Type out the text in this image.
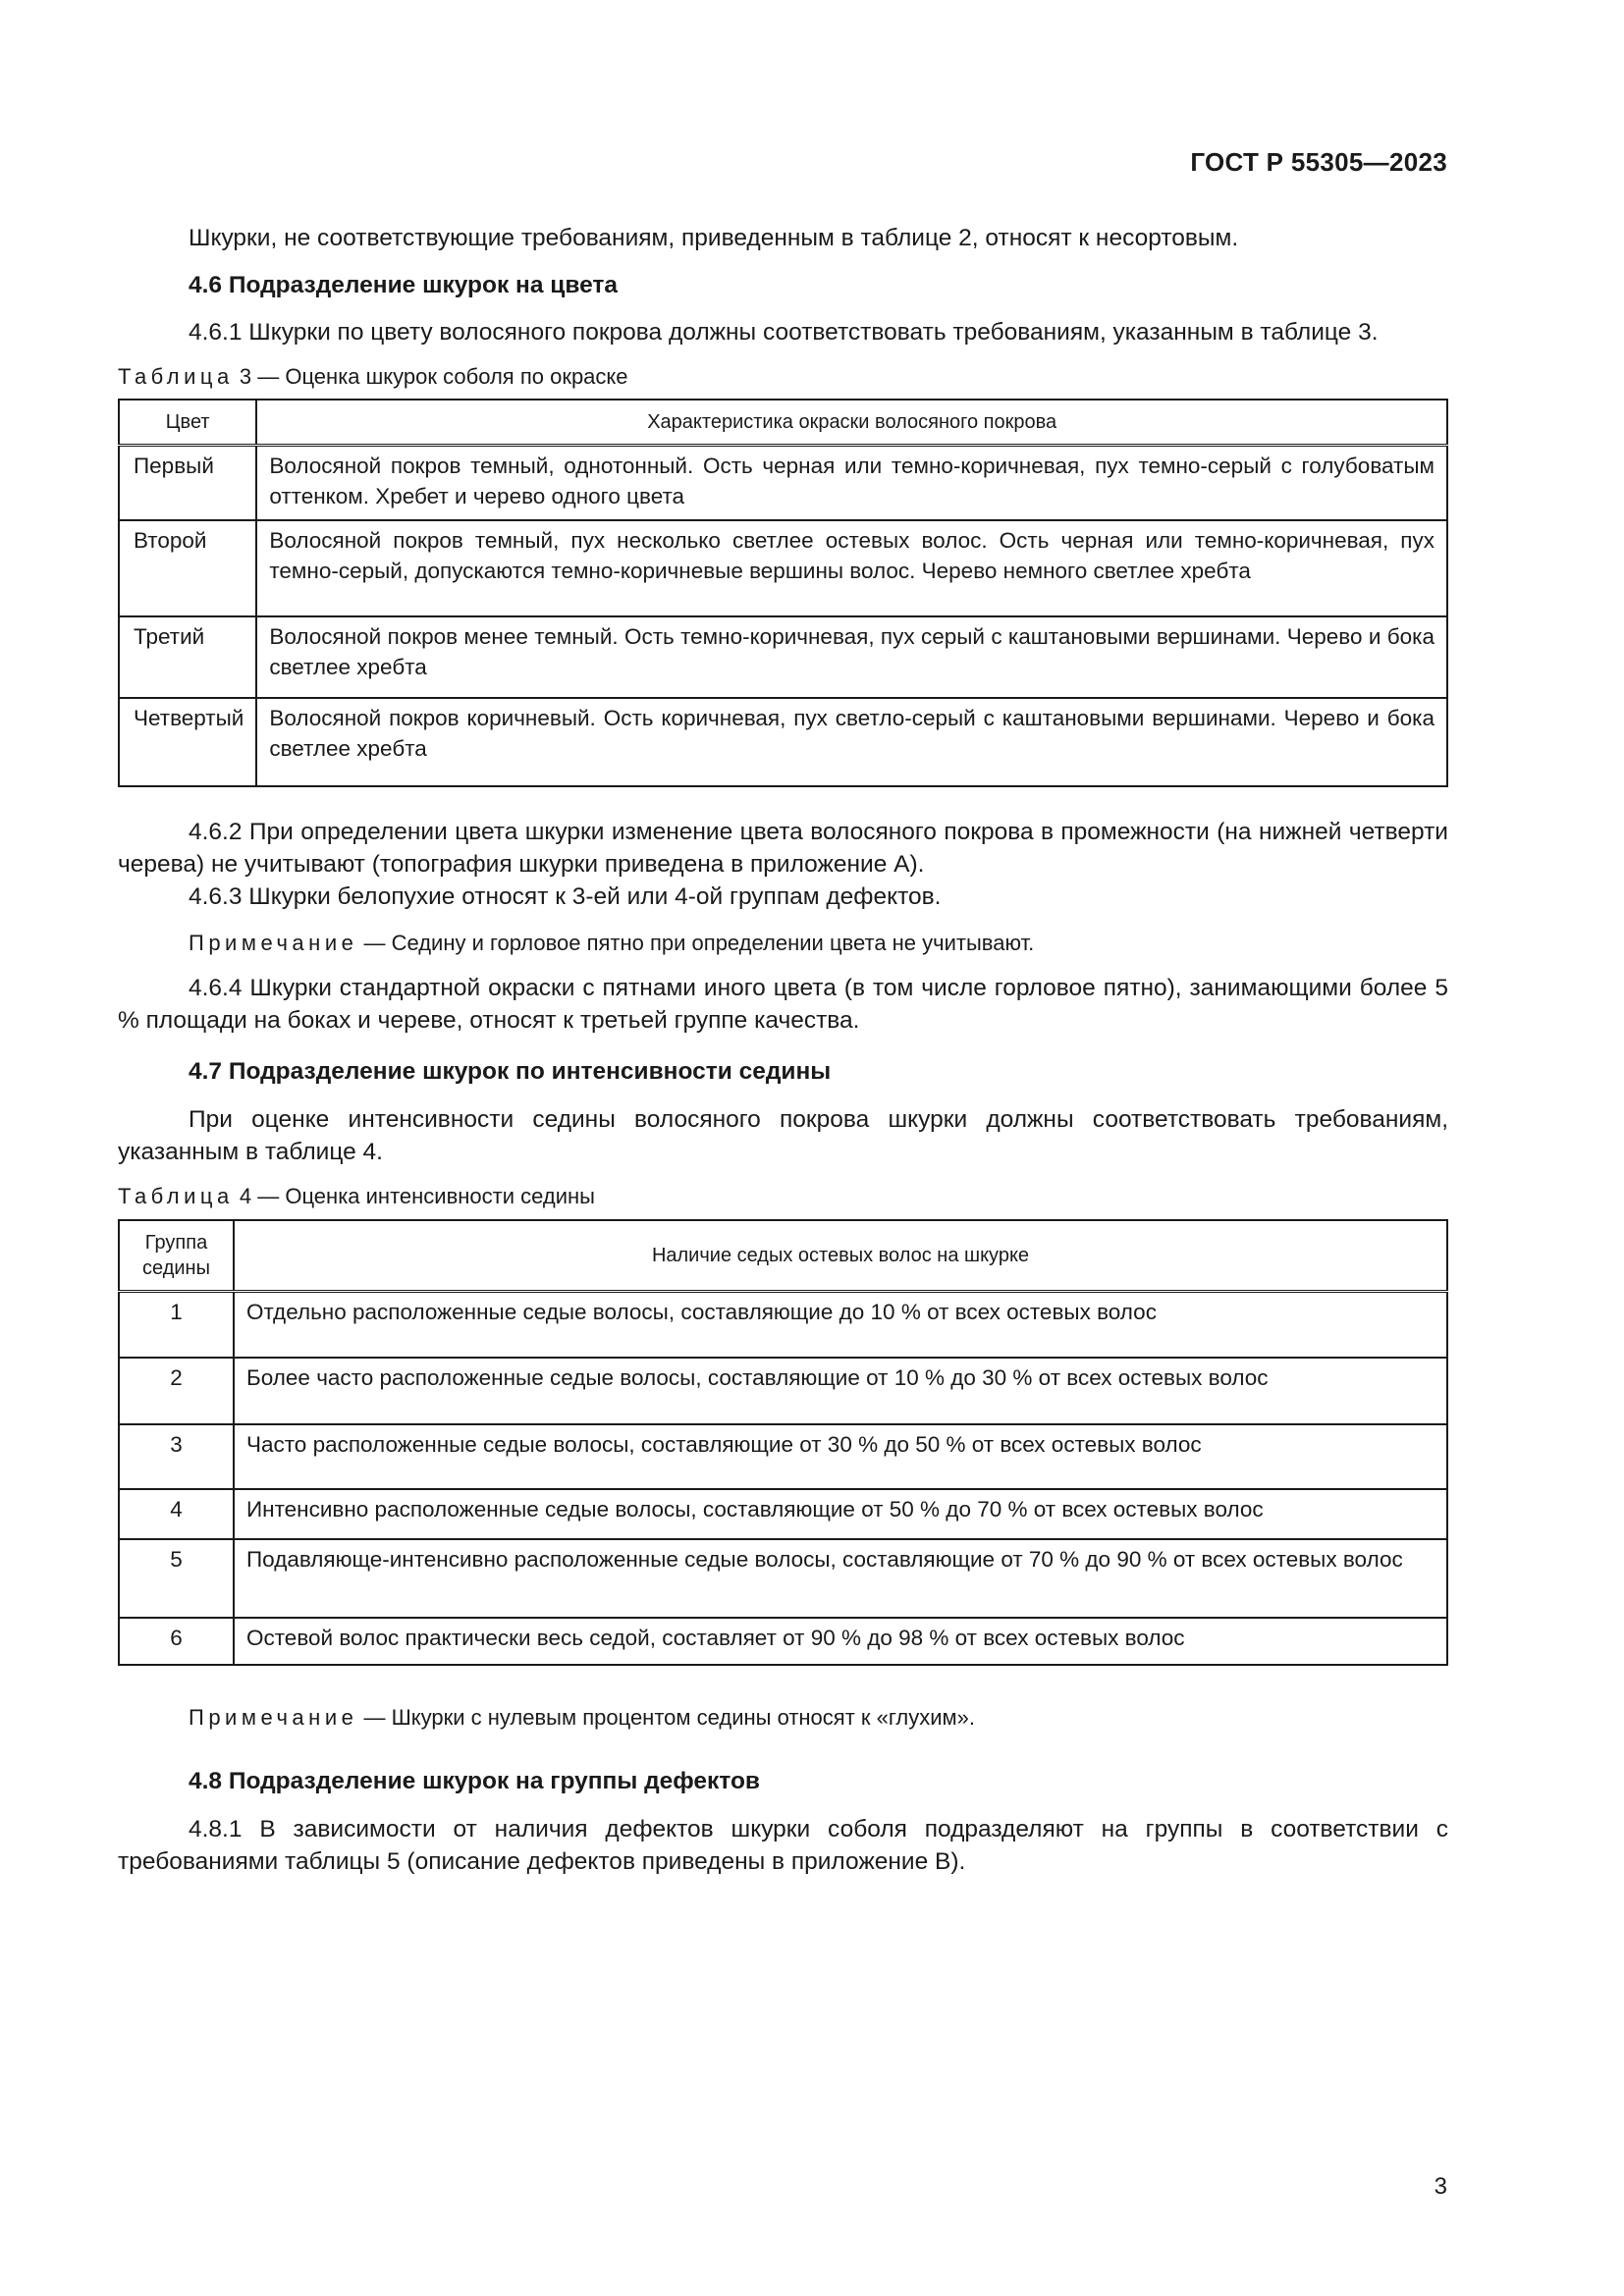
ГОСТ Р 55305—2023

Шкурки, не соответствующие требованиям, приведенным в таблице 2, относят к несортовым.

4.6 Подразделение шкурок на цвета

4.6.1 Шкурки по цвету волосяного покрова должны соответствовать требованиям, указанным в таблице 3.

Таблица 3 — Оценка шкурок соболя по окраске

Цвет	Характеристика окраски волосяного покрова
Первый	Волосяной покров темный, однотонный. Ость черная или темно-коричневая, пух темно-серый с голубоватым оттенком. Хребет и черево одного цвета
Второй	Волосяной покров темный, пух несколько светлее остевых волос. Ость черная или темно-коричневая, пух темно-серый, допускаются темно-коричневые вершины волос. Черево немного светлее хребта
Третий	Волосяной покров менее темный. Ость темно-коричневая, пух серый с каштановыми вершинами. Черево и бока светлее хребта
Четвертый	Волосяной покров коричневый. Ость коричневая, пух светло-серый с каштановыми вершинами. Черево и бока светлее хребта

4.6.2 При определении цвета шкурки изменение цвета волосяного покрова в промежности (на нижней четверти черева) не учитывают (топография шкурки приведена в приложение А).

4.6.3 Шкурки белопухие относят к 3-ей или 4-ой группам дефектов.

Примечание — Седину и горловое пятно при определении цвета не учитывают.

4.6.4 Шкурки стандартной окраски с пятнами иного цвета (в том числе горловое пятно), занимающими более 5 % площади на боках и череве, относят к третьей группе качества.

4.7 Подразделение шкурок по интенсивности седины

При оценке интенсивности седины волосяного покрова шкурки должны соответствовать требованиям, указанным в таблице 4.

Таблица 4 — Оценка интенсивности седины

Группа седины	Наличие седых остевых волос на шкурке
1	Отдельно расположенные седые волосы, составляющие до 10 % от всех остевых волос
2	Более часто расположенные седые волосы, составляющие от 10 % до 30 % от всех остевых волос
3	Часто расположенные седые волосы, составляющие от 30 % до 50 % от всех остевых волос
4	Интенсивно расположенные седые волосы, составляющие от 50 % до 70 % от всех остевых волос
5	Подавляюще-интенсивно расположенные седые волосы, составляющие от 70 % до 90 % от всех остевых волос
6	Остевой волос практически весь седой, составляет от 90 % до 98 % от всех остевых волос

Примечание — Шкурки с нулевым процентом седины относят к «глухим».

4.8 Подразделение шкурок на группы дефектов

4.8.1 В зависимости от наличия дефектов шкурки соболя подразделяют на группы в соответствии с требованиями таблицы 5 (описание дефектов приведены в приложение В).

3
